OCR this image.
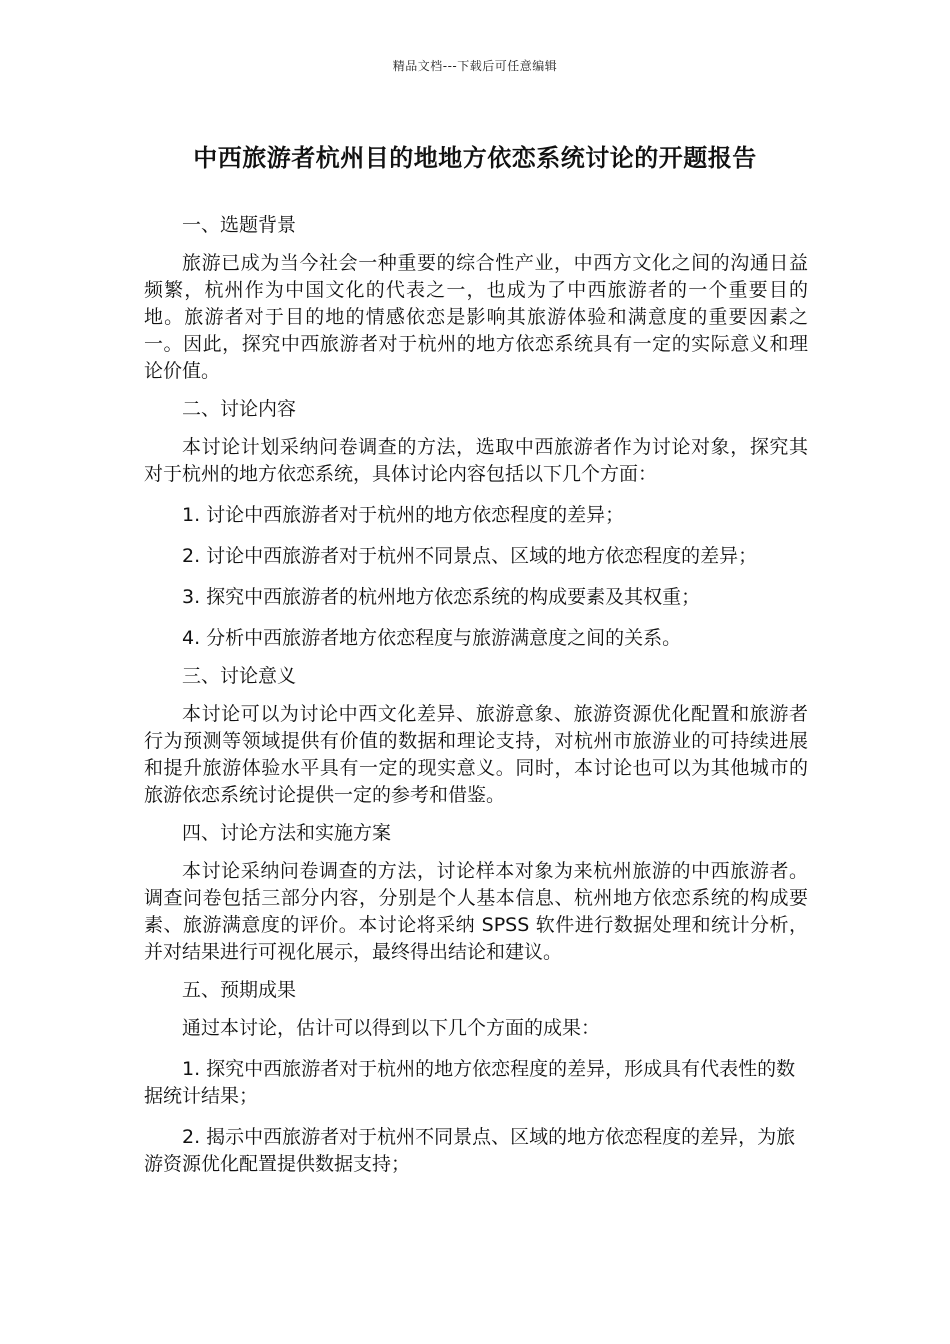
精品文档---下载后可任意编辑
中西旅游者杭州目的地地方依恋系统讨论的开题报告

一、选题背景

旅游已成为当今社会一种重要的综合性产业，中西方文化之间的沟通日益频繁，杭州作为中国文化的代表之一，也成为了中西旅游者的一个重要目的地。旅游者对于目的地的情感依恋是影响其旅游体验和满意度的重要因素之一。因此，探究中西旅游者对于杭州的地方依恋系统具有一定的实际意义和理论价值。

二、讨论内容

本讨论计划采纳问卷调查的方法，选取中西旅游者作为讨论对象，探究其对于杭州的地方依恋系统，具体讨论内容包括以下几个方面：

1. 讨论中西旅游者对于杭州的地方依恋程度的差异；

2. 讨论中西旅游者对于杭州不同景点、区域的地方依恋程度的差异；

3. 探究中西旅游者的杭州地方依恋系统的构成要素及其权重；

4. 分析中西旅游者地方依恋程度与旅游满意度之间的关系。

三、讨论意义

本讨论可以为讨论中西文化差异、旅游意象、旅游资源优化配置和旅游者行为预测等领域提供有价值的数据和理论支持，对杭州市旅游业的可持续进展和提升旅游体验水平具有一定的现实意义。同时，本讨论也可以为其他城市的旅游依恋系统讨论提供一定的参考和借鉴。

四、讨论方法和实施方案

本讨论采纳问卷调查的方法，讨论样本对象为来杭州旅游的中西旅游者。调查问卷包括三部分内容，分别是个人基本信息、杭州地方依恋系统的构成要素、旅游满意度的评价。本讨论将采纳 SPSS 软件进行数据处理和统计分析，并对结果进行可视化展示，最终得出结论和建议。

五、预期成果

通过本讨论，估计可以得到以下几个方面的成果：

1. 探究中西旅游者对于杭州的地方依恋程度的差异，形成具有代表性的数据统计结果；

2. 揭示中西旅游者对于杭州不同景点、区域的地方依恋程度的差异，为旅游资源优化配置提供数据支持；
